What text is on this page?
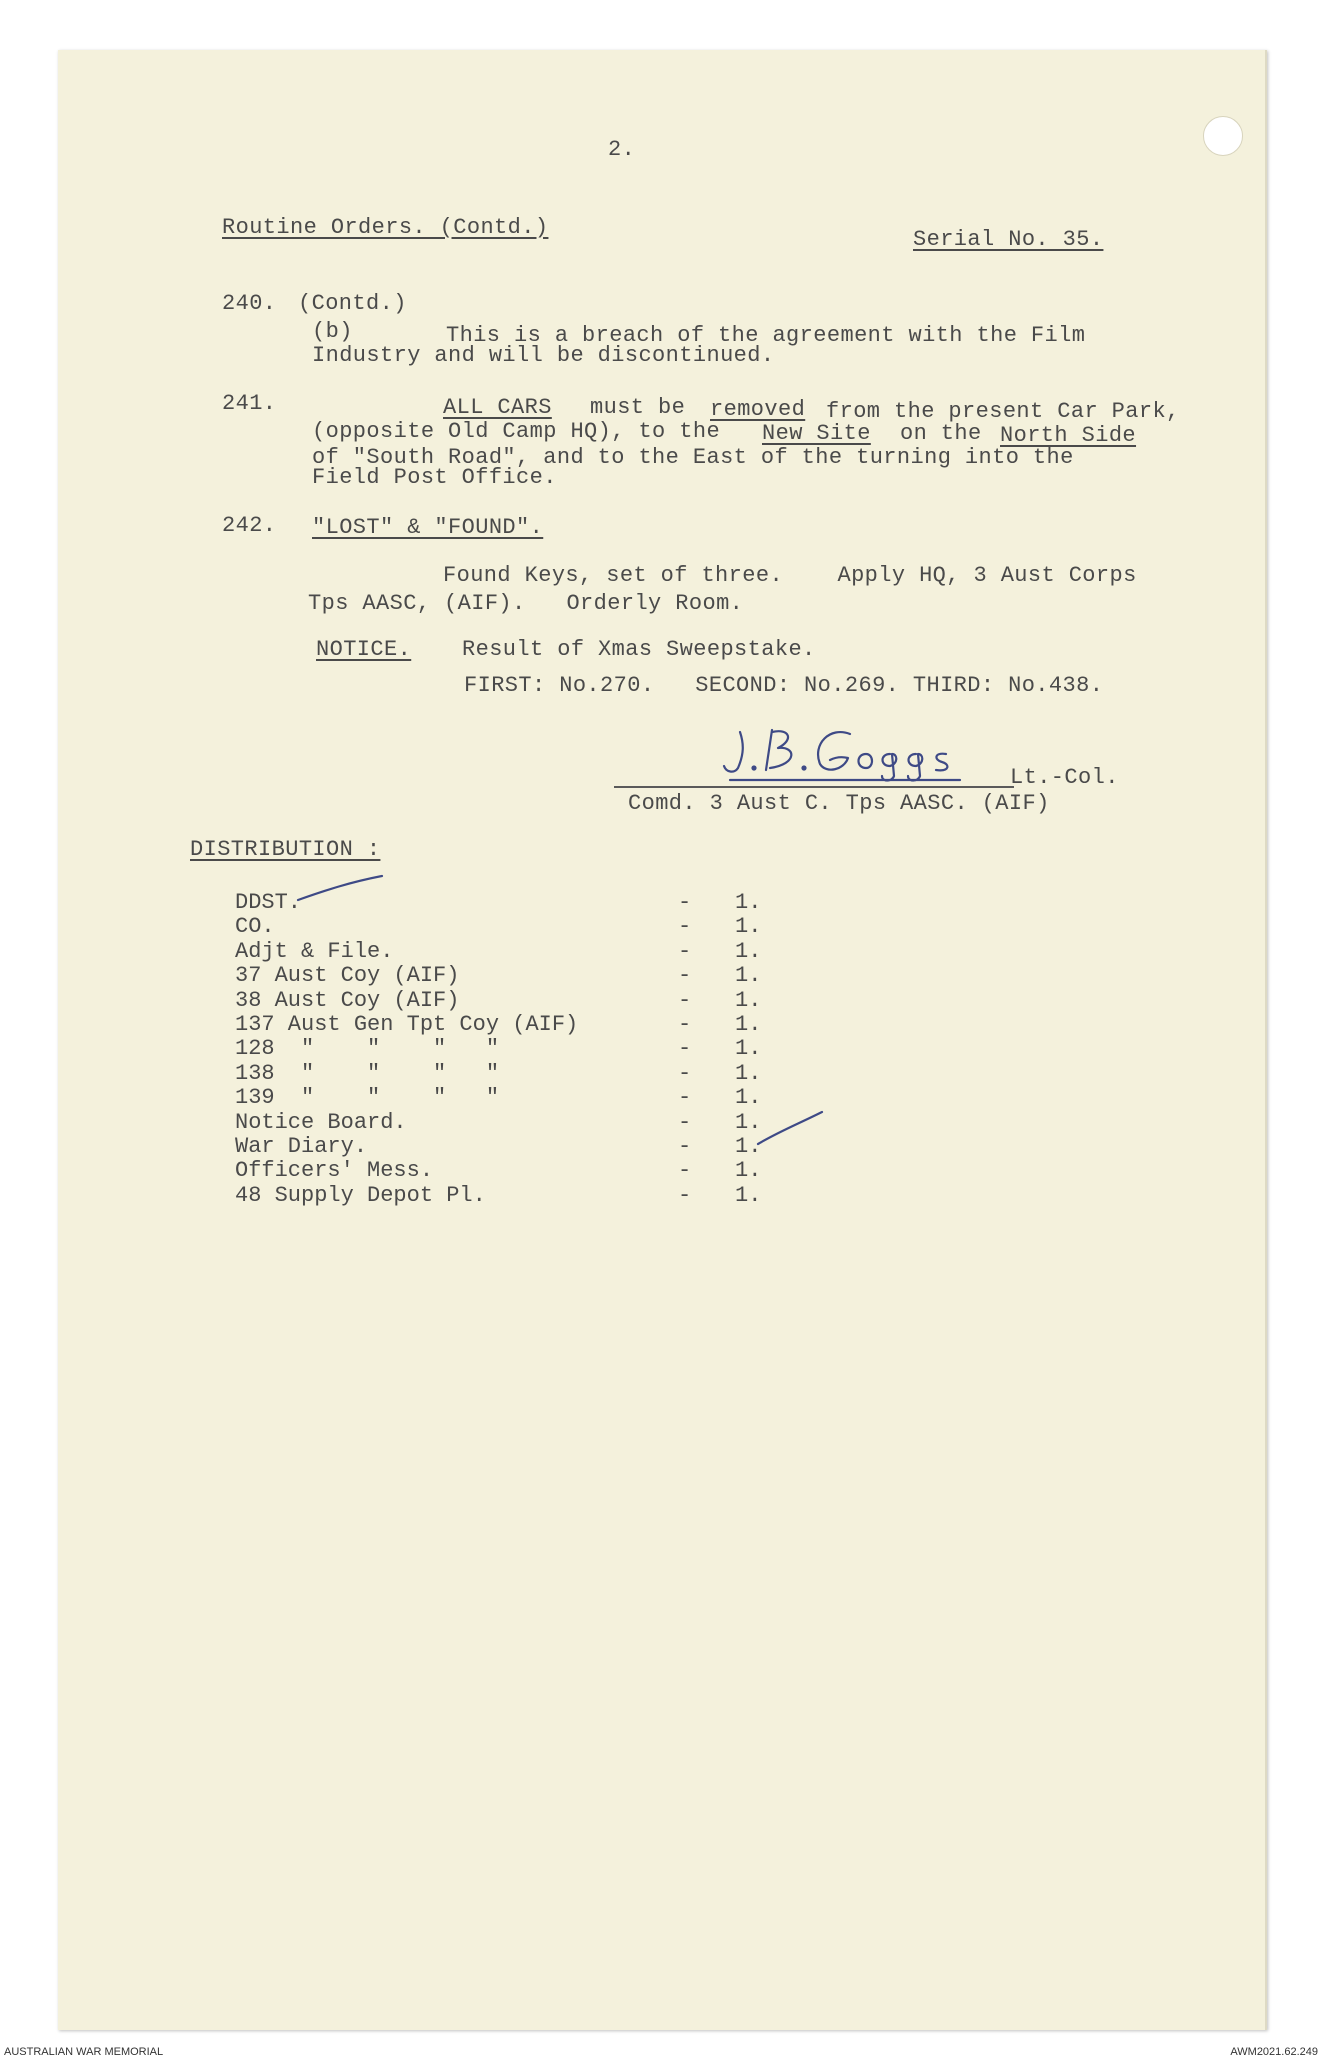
2.
Routine Orders. (Contd.)	Serial No. 35.
240. (Contd.)
(b)	This is a breach of the agreement with the Film
Industry and will be discontinued.
241.	ALL CARS must be removed from the present Car Park,
(opposite Old Camp HQ), to the New Site on the North Side
of "South Road", and to the East of the turning into the
Field Post Office.
242. "LOST" & "FOUND".
Found Keys, set of three.    Apply HQ, 3 Aust Corps
Tps AASC, (AIF).   Orderly Room.
NOTICE. Result of Xmas Sweepstake.
FIRST: No.270.   SECOND: No.269. THIRD: No.438.
Lt.-Col.
Comd. 3 Aust C. Tps AASC. (AIF)
DISTRIBUTION :
DDST.	- 1.
CO.	- 1.
Adjt & File.	- 1.
37 Aust Coy (AIF)	- 1.
38 Aust Coy (AIF)	- 1.
137 Aust Gen Tpt Coy (AIF)	- 1.
128  "    "    "   "	- 1.
138  "    "    "   "	- 1.
139  "    "    "   "	- 1.
Notice Board.	- 1.
War Diary.	- 1.
Officers' Mess.	- 1.
48 Supply Depot Pl.	- 1.
AUSTRALIAN WAR MEMORIAL	AWM2021.62.249
